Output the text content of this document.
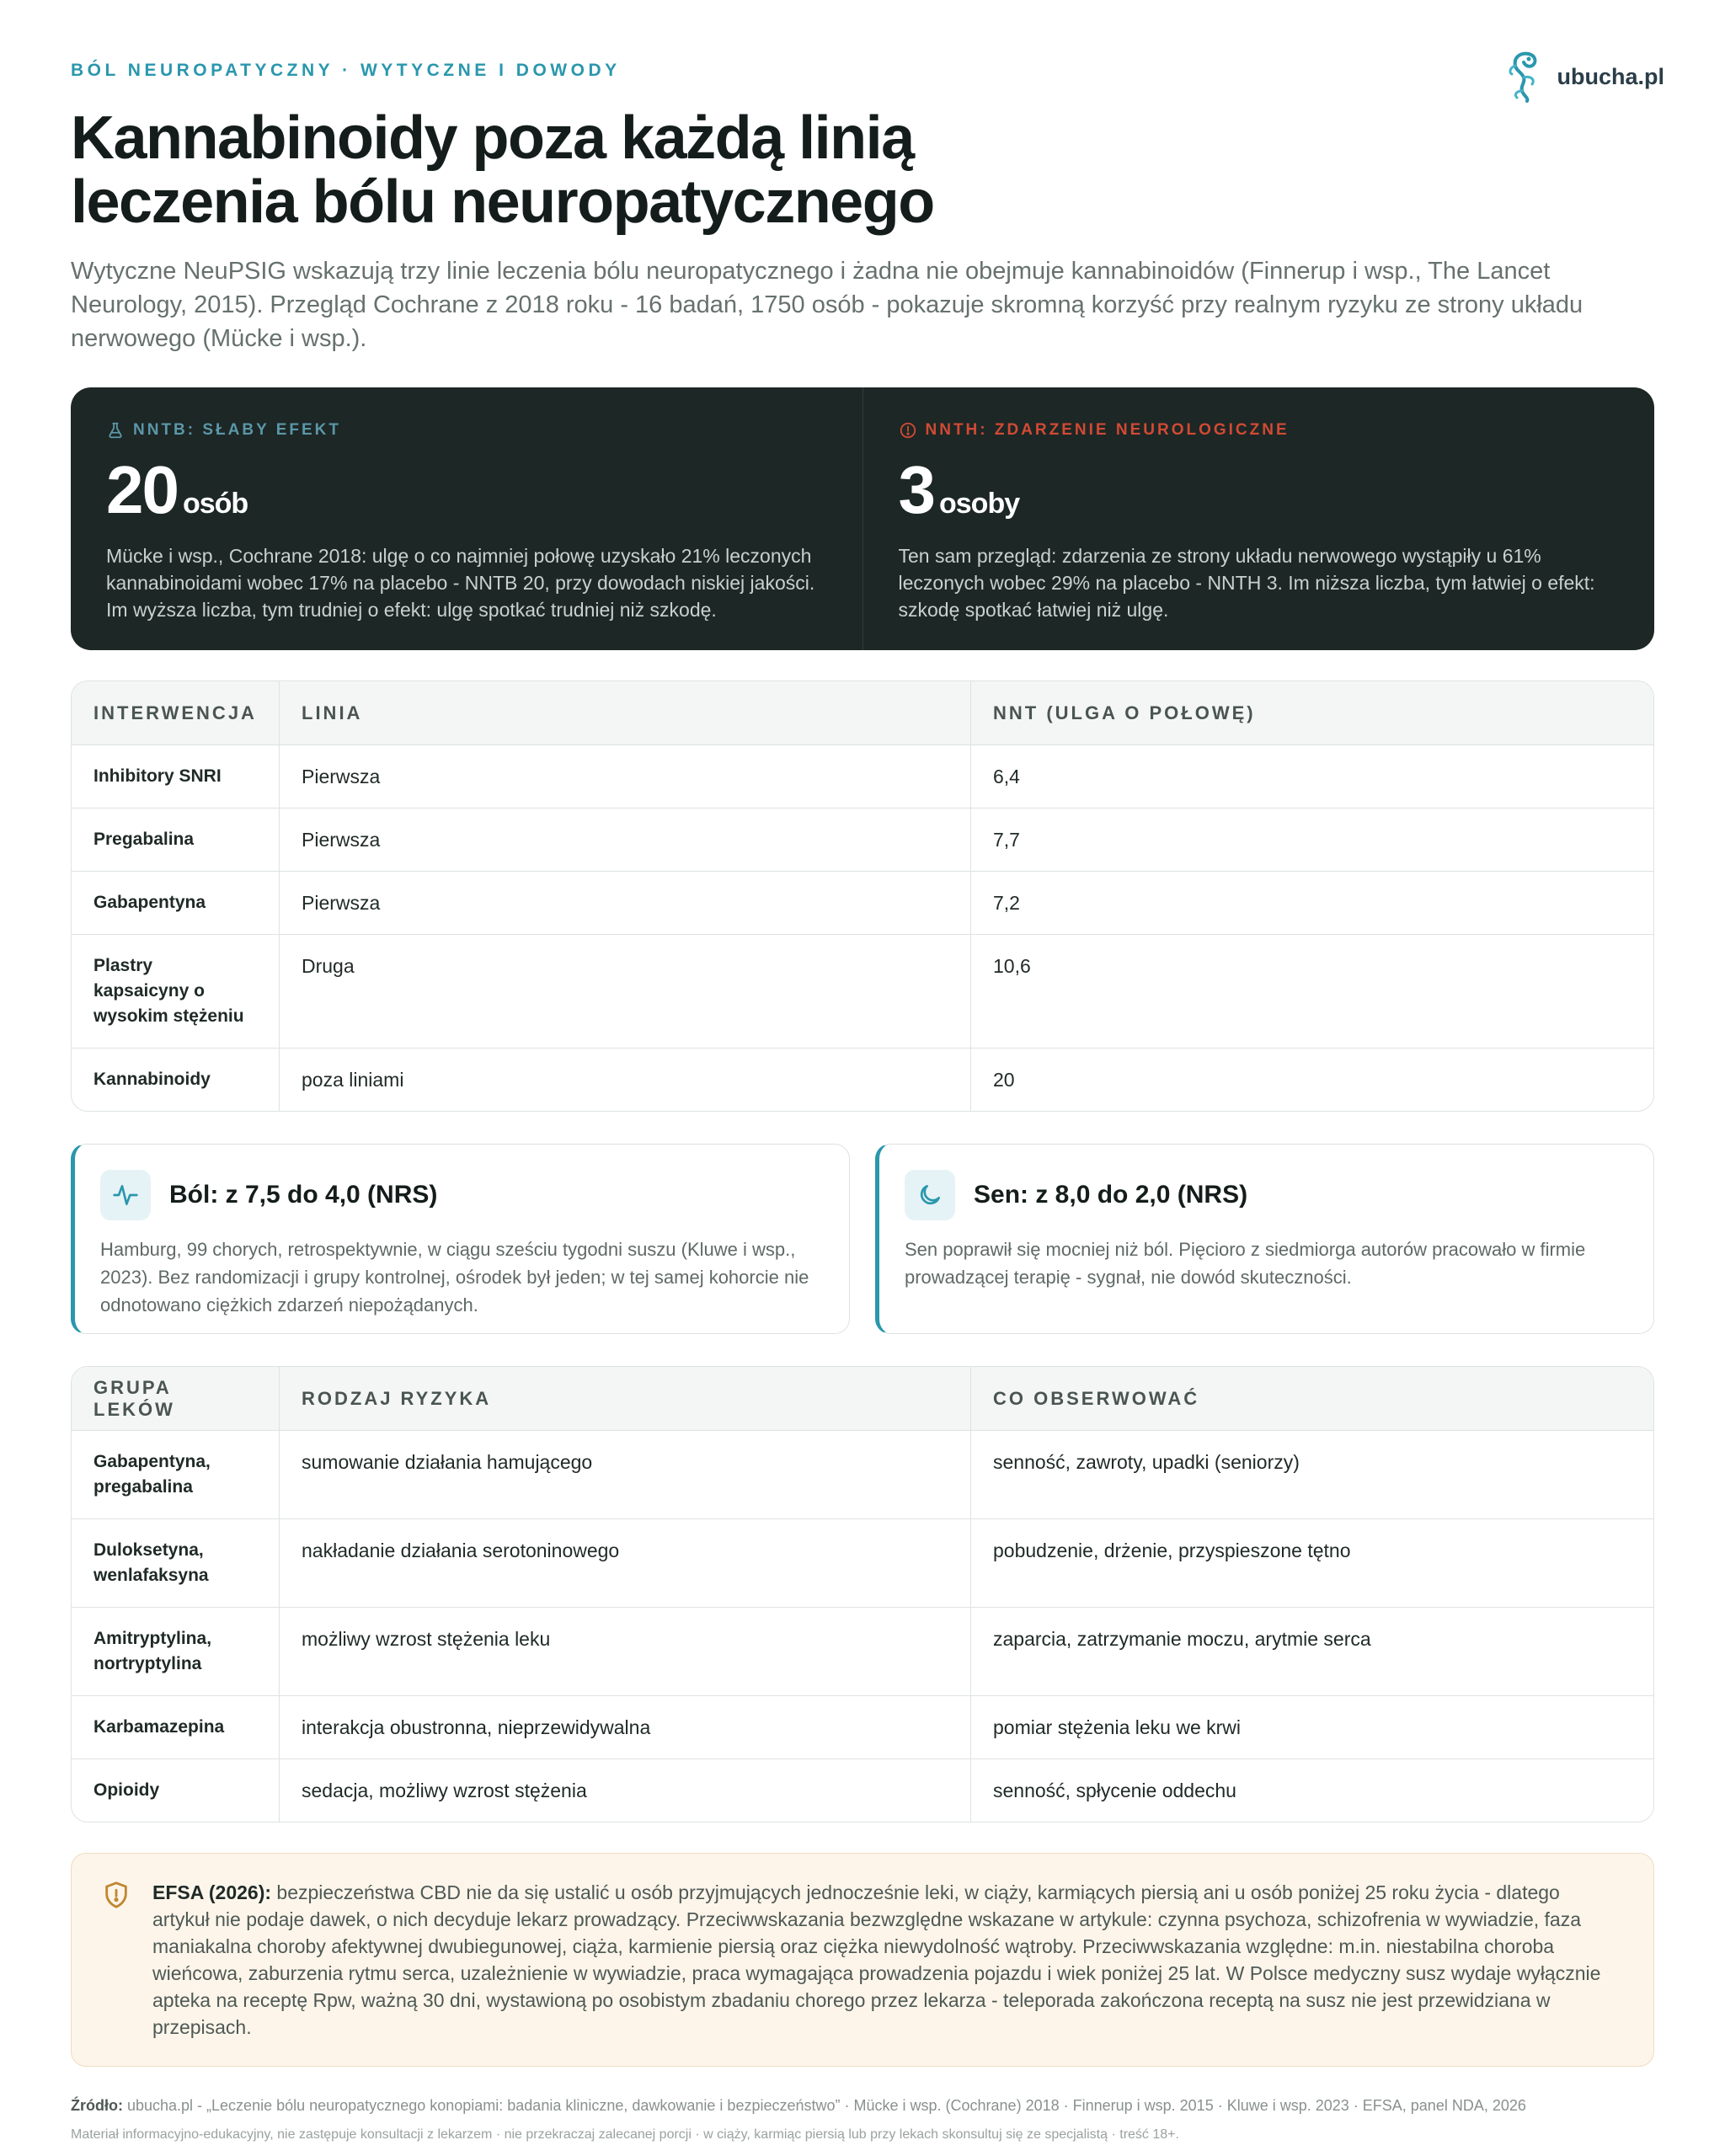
ubucha.pl
BÓL NEUROPATYCZNY · WYTYCZNE I DOWODY
Kannabinoidy poza każdą linią
leczenia bólu neuropatycznego

Wytyczne NeuPSIG wskazują trzy linie leczenia bólu neuropatycznego i żadna nie obejmuje kannabinoidów (Finnerup i wsp., The Lancet Neurology, 2015). Przegląd Cochrane z 2018 roku - 16 badań, 1750 osób - pokazuje skromną korzyść przy realnym ryzyku ze strony układu nerwowego (Mücke i wsp.).

NNTB: SŁABY EFEKT
20 osób

Mücke i wsp., Cochrane 2018: ulgę o co najmniej połowę uzyskało 21% leczonych kannabinoidami wobec 17% na placebo - NNTB 20, przy dowodach niskiej jakości. Im wyższa liczba, tym trudniej o efekt: ulgę spotkać trudniej niż szkodę.

NNTH: ZDARZENIE NEUROLOGICZNE
3 osoby

Ten sam przegląd: zdarzenia ze strony układu nerwowego wystąpiły u 61% leczonych wobec 29% na placebo - NNTH 3. Im niższa liczba, tym łatwiej o efekt: szkodę spotkać łatwiej niż ulgę.

INTERWENCJA	LINIA	NNT (ULGA O POŁOWĘ)
Inhibitory SNRI	Pierwsza	6,4
Pregabalina	Pierwsza	7,7
Gabapentyna	Pierwsza	7,2
Plastry kapsaicyny o wysokim stężeniu	Druga	10,6
Kannabinoidy	poza liniami	20
Ból: z 7,5 do 4,0 (NRS)

Hamburg, 99 chorych, retrospektywnie, w ciągu sześciu tygodni suszu (Kluwe i wsp., 2023). Bez randomizacji i grupy kontrolnej, ośrodek był jeden; w tej samej kohorcie nie odnotowano ciężkich zdarzeń niepożądanych.

Sen: z 8,0 do 2,0 (NRS)

Sen poprawił się mocniej niż ból. Pięcioro z siedmiorga autorów pracowało w firmie prowadzącej terapię - sygnał, nie dowód skuteczności.

GRUPA LEKÓW	RODZAJ RYZYKA	CO OBSERWOWAĆ
Gabapentyna, pregabalina	sumowanie działania hamującego	senność, zawroty, upadki (seniorzy)
Duloksetyna, wenlafaksyna	nakładanie działania serotoninowego	pobudzenie, drżenie, przyspieszone tętno
Amitryptylina, nortryptylina	możliwy wzrost stężenia leku	zaparcia, zatrzymanie moczu, arytmie serca
Karbamazepina	interakcja obustronna, nieprzewidywalna	pomiar stężenia leku we krwi
Opioidy	sedacja, możliwy wzrost stężenia	senność, spłycenie oddechu

EFSA (2026): bezpieczeństwa CBD nie da się ustalić u osób przyjmujących jednocześnie leki, w ciąży, karmiących piersią ani u osób poniżej 25 roku życia - dlatego artykuł nie podaje dawek, o nich decyduje lekarz prowadzący. Przeciwwskazania bezwzględne wskazane w artykule: czynna psychoza, schizofrenia w wywiadzie, faza maniakalna choroby afektywnej dwubiegunowej, ciąża, karmienie piersią oraz ciężka niewydolność wątroby. Przeciwwskazania względne: m.in. niestabilna choroba wieńcowa, zaburzenia rytmu serca, uzależnienie w wywiadzie, praca wymagająca prowadzenia pojazdu i wiek poniżej 25 lat. W Polsce medyczny susz wydaje wyłącznie apteka na receptę Rpw, ważną 30 dni, wystawioną po osobistym zbadaniu chorego przez lekarza - teleporada zakończona receptą na susz nie jest przewidziana w przepisach.

Źródło: ubucha.pl - „Leczenie bólu neuropatycznego konopiami: badania kliniczne, dawkowanie i bezpieczeństwo” · Mücke i wsp. (Cochrane) 2018 · Finnerup i wsp. 2015 · Kluwe i wsp. 2023 · EFSA, panel NDA, 2026

Materiał informacyjno-edukacyjny, nie zastępuje konsultacji z lekarzem · nie przekraczaj zalecanej porcji · w ciąży, karmiąc piersią lub przy lekach skonsultuj się ze specjalistą · treść 18+.
